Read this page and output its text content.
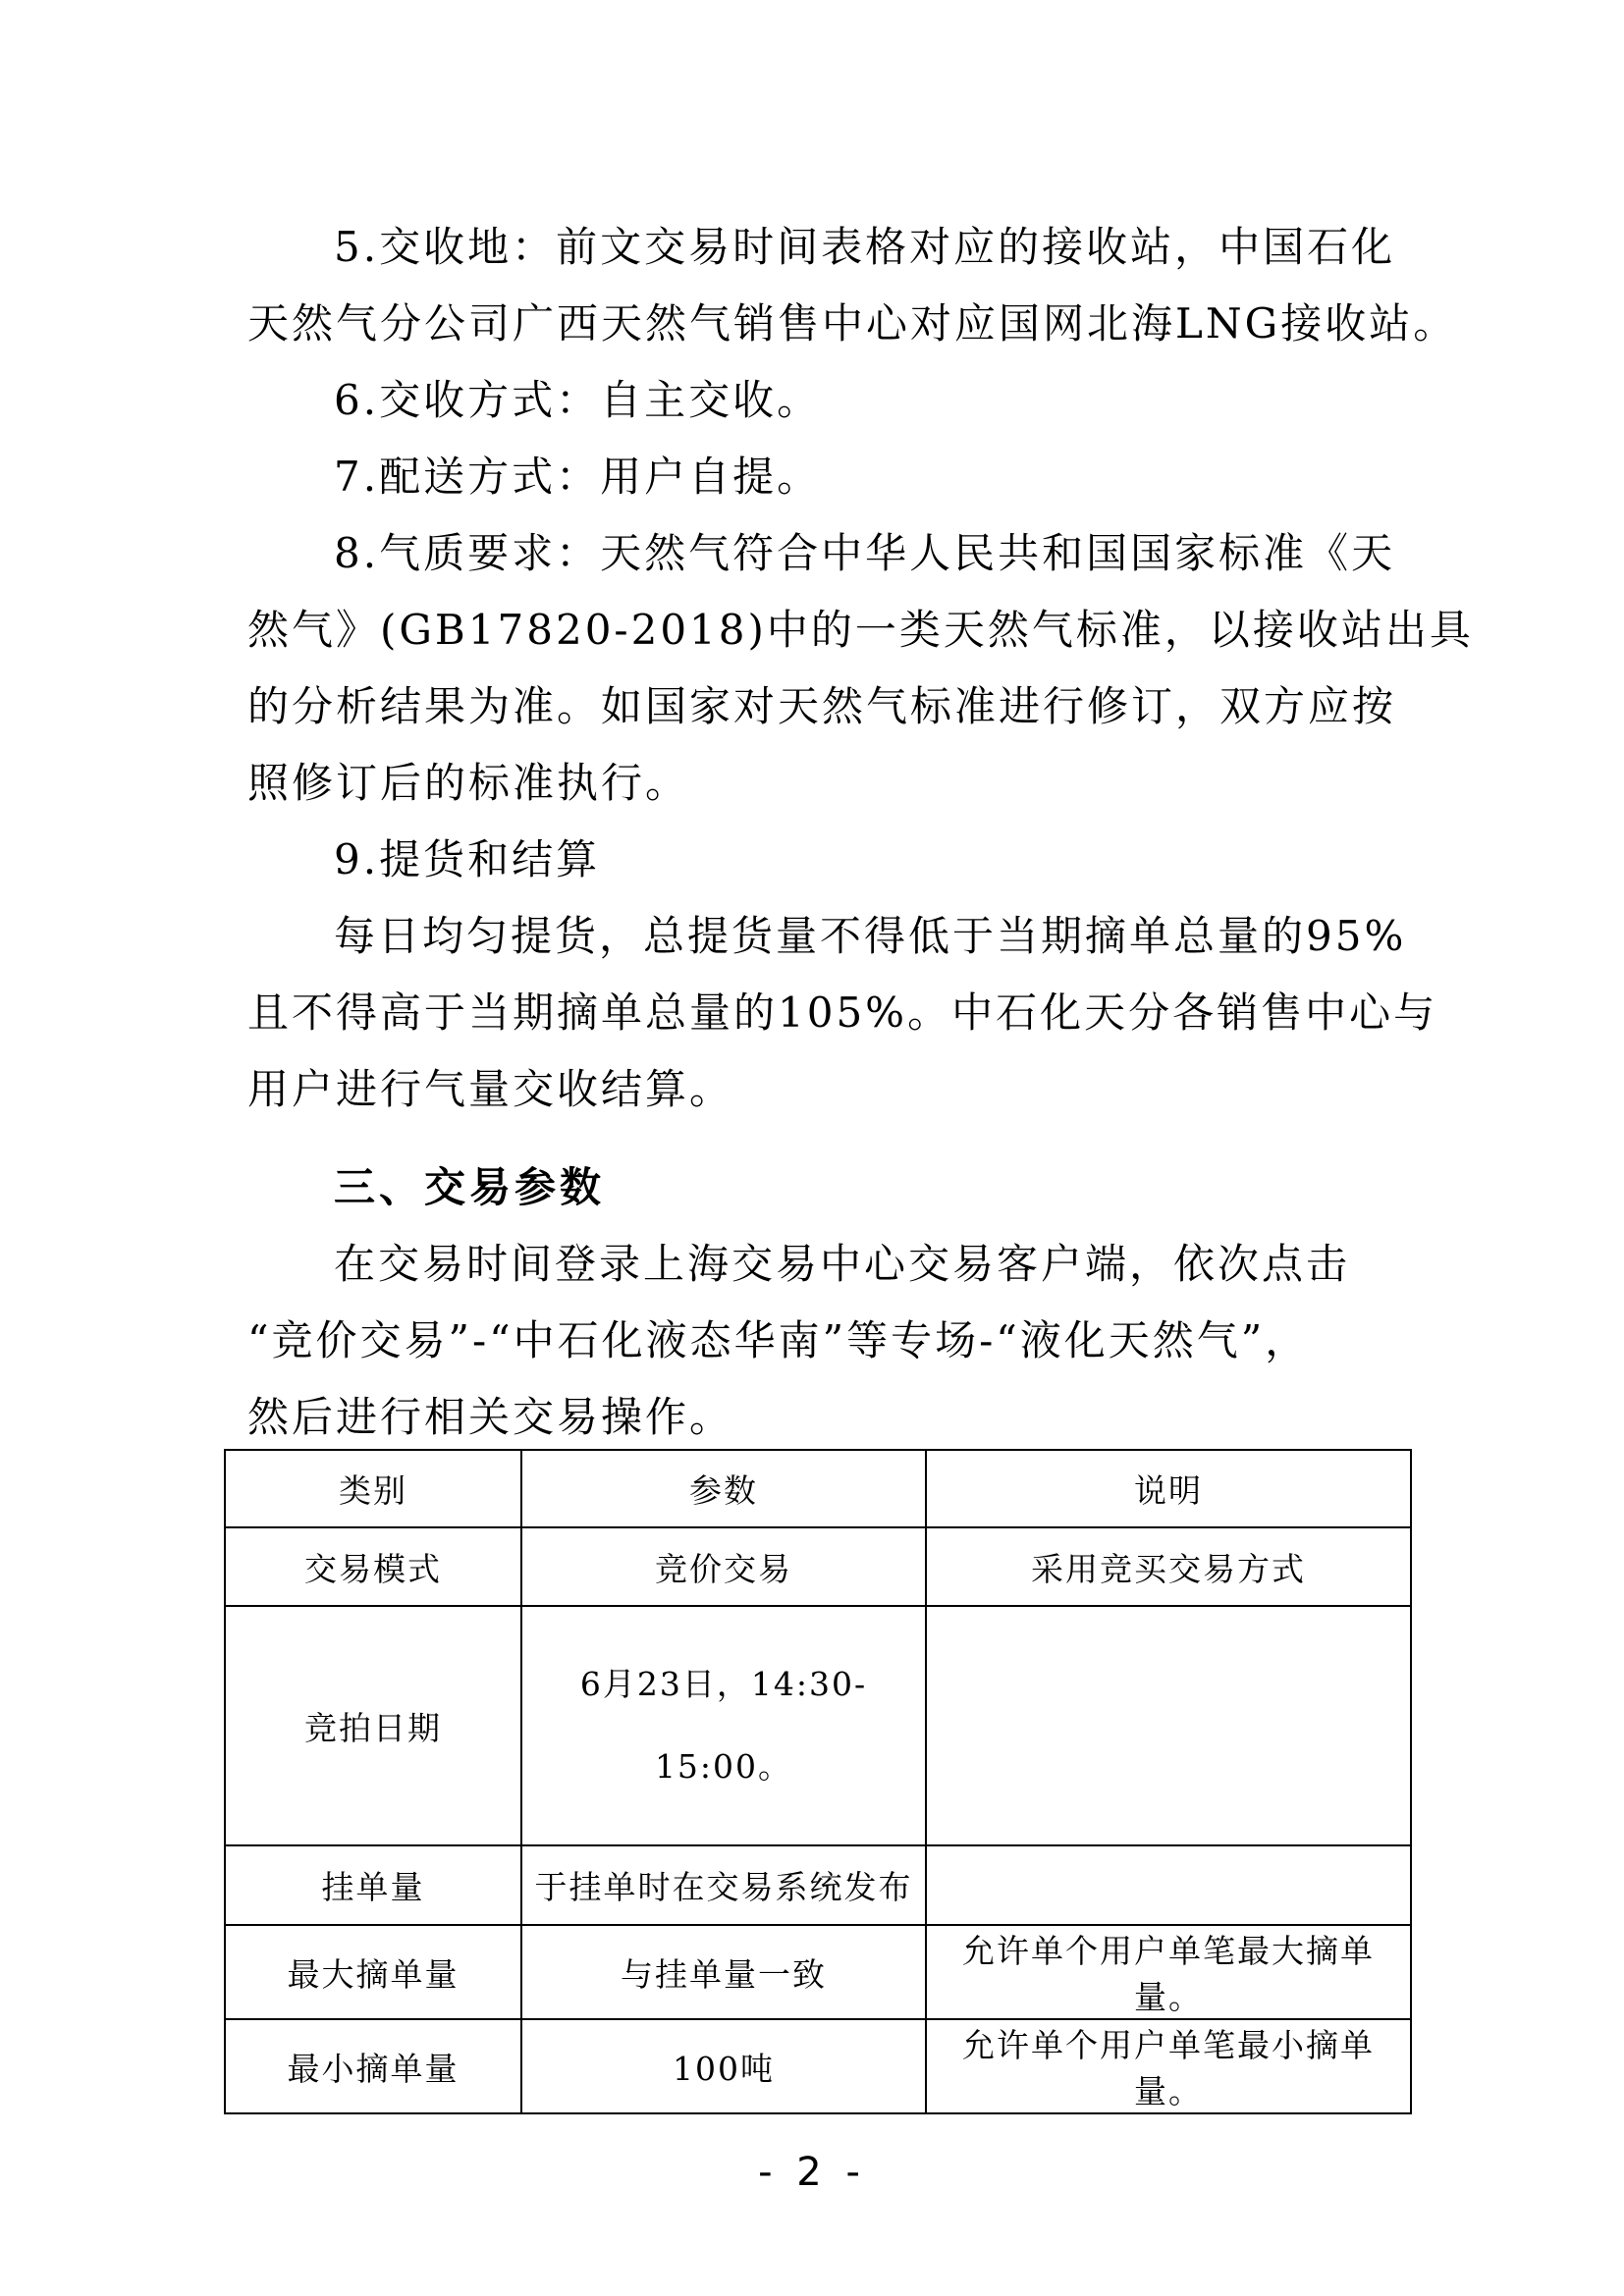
5.交收地：前文交易时间表格对应的接收站，中国石化
天然气分公司广西天然气销售中心对应国网北海LNG接收站。
6.交收方式：自主交收。
7.配送方式：用户自提。
8.气质要求：天然气符合中华人民共和国国家标准《天
然气》(GB17820-2018)中的一类天然气标准，以接收站出具
的分析结果为准。如国家对天然气标准进行修订，双方应按
照修订后的标准执行。
9.提货和结算
每日均匀提货，总提货量不得低于当期摘单总量的95%
且不得高于当期摘单总量的105%。中石化天分各销售中心与
用户进行气量交收结算。
三、交易参数
在交易时间登录上海交易中心交易客户端，依次点击
“竞价交易”-“中石化液态华南”等专场-“液化天然气”，
然后进行相关交易操作。
类别	参数	说明
交易模式	竞价交易	采用竞买交易方式
竞拍日期	6月23日，14:30-
15:00。	

挂单量	于挂单时在交易系统发布	
最大摘单量	与挂单量一致	允许单个用户单笔最大摘单量。
最小摘单量	100吨	允许单个用户单笔最小摘单量。
- 2 -
